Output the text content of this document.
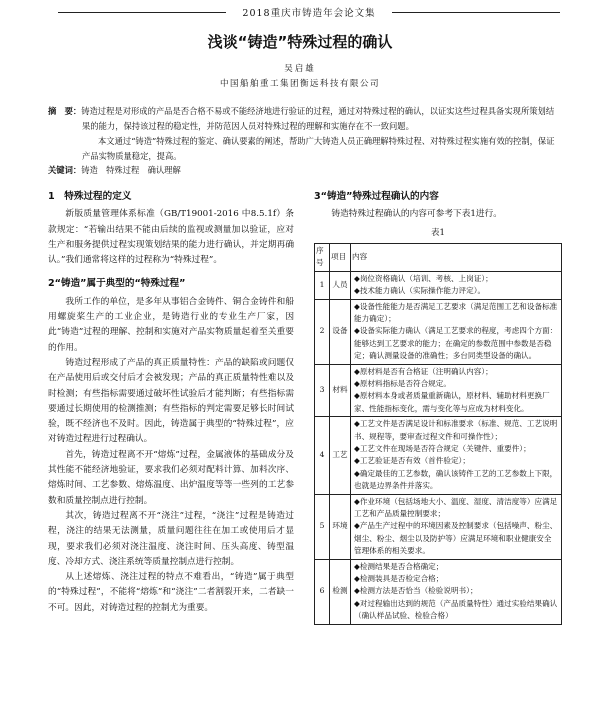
2018重庆市铸造年会论文集
浅谈“铸造”特殊过程的确认
吴启雄
中国船舶重工集团衡远科技有限公司

摘　要：铸造过程是对形成的产品是否合格不易或不能经济地进行验证的过程，通过对特殊过程的确认，以证实这些过程具备实现所策划结果的能力，保持该过程的稳定性，并防范因人员对特殊过程的理解和实施存在不一致问题。

本文通过“铸造”特殊过程的鉴定、确认要素的阐述，帮助广大铸造人员正确理解特殊过程、对特殊过程实施有效的控制，保证产品实物质量稳定，提高。

关键词：铸造　特殊过程　确认理解
1　特殊过程的定义

新版质量管理体系标准（GB/T19001-2016 中8.5.1f）条款规定：“若输出结果不能由后续的监视或测量加以验证，应对生产和服务提供过程实现策划结果的能力进行确认，并定期再确认。”我们通常将这样的过程称为“特殊过程”。

2“铸造”属于典型的“特殊过程”

我所工作的单位，是多年从事铝合金铸件、铜合金铸件和船用螺旋桨生产的工业企业，是铸造行业的专业生产厂家，因此“铸造”过程的理解、控制和实施对产品实物质量起着至关重要的作用。

铸造过程形成了产品的真正质量特性：产品的缺陷或问题仅在产品使用后或交付后才会被发现；产品的真正质量特性难以及时检测；有些指标需要通过破坏性试验后才能判断；有些指标需要通过长期使用的检测推测；有些指标的判定需要足够长时间试验，既不经济也不及时。因此，铸造属于典型的“特殊过程”，应对铸造过程进行过程确认。

首先，铸造过程离不开“熔炼”过程，金属液体的基础成分及其性能不能经济地验证，要求我们必须对配料计算、加料次序、熔炼时间、工艺参数、熔炼温度、出炉温度等等一些列的工艺参数和质量控制点进行控制。

其次，铸造过程离不开“浇注”过程，“浇注”过程是铸造过程，浇注的结果无法测量，质量问题往往在加工或使用后才显现，要求我们必须对浇注温度、浇注时间、压头高度、铸型温度、冷却方式、浇注系统等质量控制点进行控制。

从上述熔炼、浇注过程的特点不难看出，“铸造”属于典型的“特殊过程”，不能将“熔炼”和“浇注”二者割裂开来，二者缺一不可。因此，对铸造过程的控制尤为重要。

3“铸造”特殊过程确认的内容

铸造特殊过程确认的内容可参考下表1进行。

表1
序号	项目	内容
1	人员	◆岗位资格确认（培训、考核、上岗证）；
◆技术能力确认（实际操作能力评定）。

2	设备	◆设备性能能力是否满足工艺要求（满足范围工艺和设备标准能力确定）；
◆设备实际能力确认（满足工艺要求的程度，考虑四个方面：能够达到工艺要求的能力；在确定的参数范围中参数是否稳定；确认测量设备的准确性；多台同类型设备的确认。

3	材料	◆原材料是否有合格证（注明确认内容）；
◆原材料指标是否符合规定。
◆原材料本身或者质量重新确认，原材料、辅助材料更换厂家、性能指标变化，需与变化等与应成为材料变化。

4	工艺	◆工艺文件是否满足设计和标准要求（标准、规范、工艺说明书、规程等，要审查过程文件和可操作性）；
◆工艺文件在现场是否符合规定（关键件、重要件）；
◆工艺验证是否有效（首件验定）；
◆确定最佳的工艺参数，确认该铸件工艺的工艺参数上下限，也就是边界条件并落实。

5	环境	◆作业环境（包括场地大小、温度、湿度、清洁度等）应满足工艺和产品质量控制要求；
◆产品生产过程中的环境因素及控制要求（包括噪声、粉尘、烟尘、粉尘、烟尘以及防护等）应满足环境和职业健康安全管理体系的相关要求。

6	检测	◆检测结果是否合格确定；
◆检测装具是否检定合格；
◆检测方法是否恰当（检验说明书）；
◆对过程输出达到的规范（产品质量特性）通过实验结果确认（确认样品试验、检验合格）
